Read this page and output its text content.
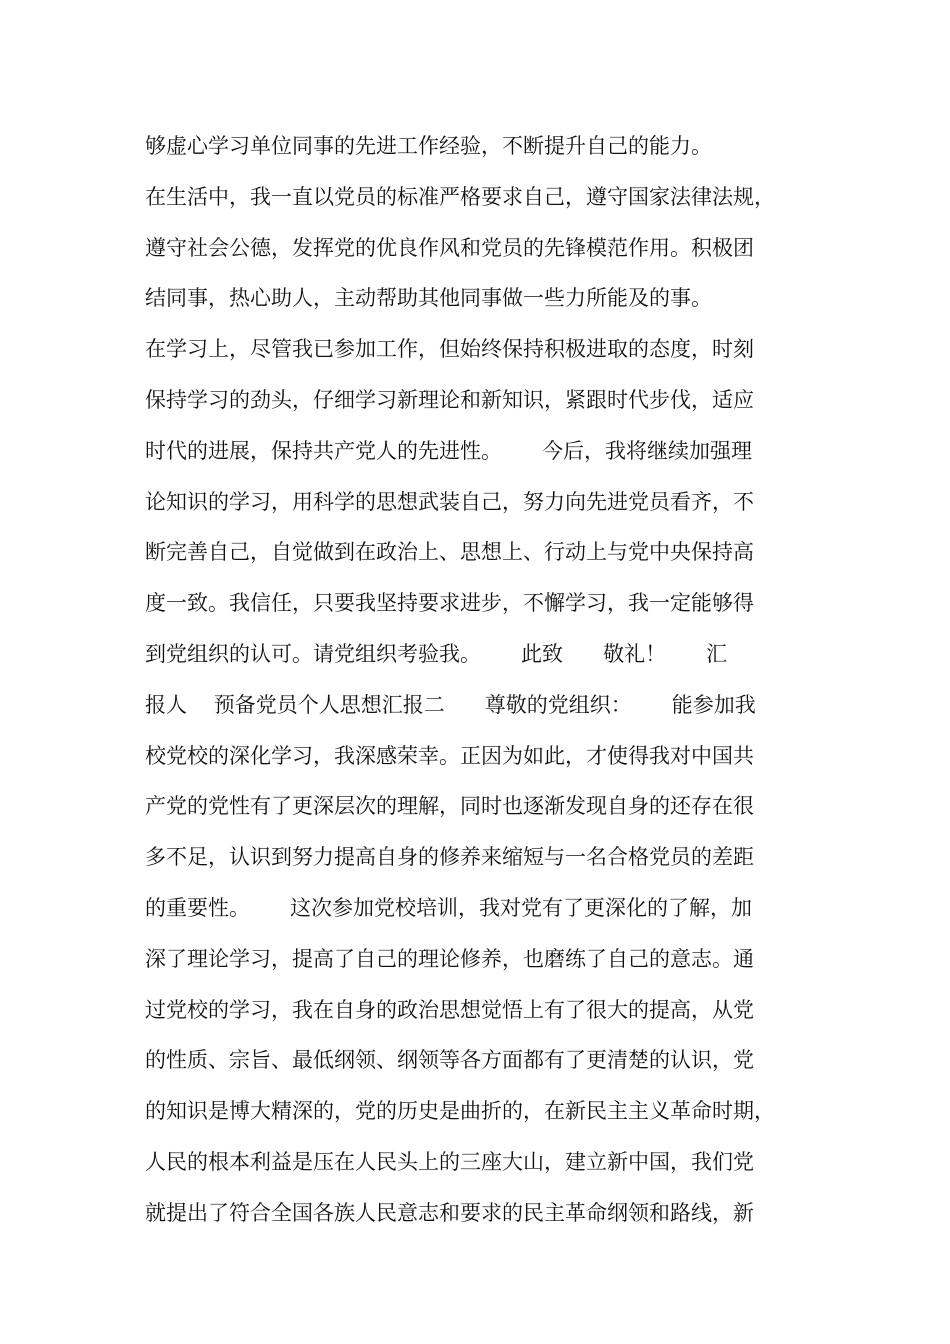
够虚心学习单位同事的先进工作经验，不断提升自己的能力。
在生活中，我一直以党员的标准严格要求自己，遵守国家法律法规，
遵守社会公德，发挥党的优良作风和党员的先锋模范作用。积极团
结同事，热心助人，主动帮助其他同事做一些力所能及的事。
在学习上，尽管我已参加工作，但始终保持积极进取的态度，时刻
保持学习的劲头，仔细学习新理论和新知识，紧跟时代步伐，适应
时代的进展，保持共产党人的先进性。      今后，我将继续加强理
论知识的学习，用科学的思想武装自己，努力向先进党员看齐，不
断完善自己，自觉做到在政治上、思想上、行动上与党中央保持高
度一致。我信任，只要我坚持要求进步，不懈学习，我一定能够得
到党组织的认可。请党组织考验我。      此致      敬礼！      汇
报人    预备党员个人思想汇报二      尊敬的党组织：      能参加我
校党校的深化学习，我深感荣幸。正因为如此，才使得我对中国共
产党的党性有了更深层次的理解，同时也逐渐发现自身的还存在很
多不足，认识到努力提高自身的修养来缩短与一名合格党员的差距
的重要性。      这次参加党校培训，我对党有了更深化的了解，加
深了理论学习，提高了自己的理论修养，也磨练了自己的意志。通
过党校的学习，我在自身的政治思想觉悟上有了很大的提高，从党
的性质、宗旨、最低纲领、纲领等各方面都有了更清楚的认识，党
的知识是博大精深的，党的历史是曲折的，在新民主主义革命时期，
人民的根本利益是压在人民头上的三座大山，建立新中国，我们党
就提出了符合全国各族人民意志和要求的民主革命纲领和路线，新
